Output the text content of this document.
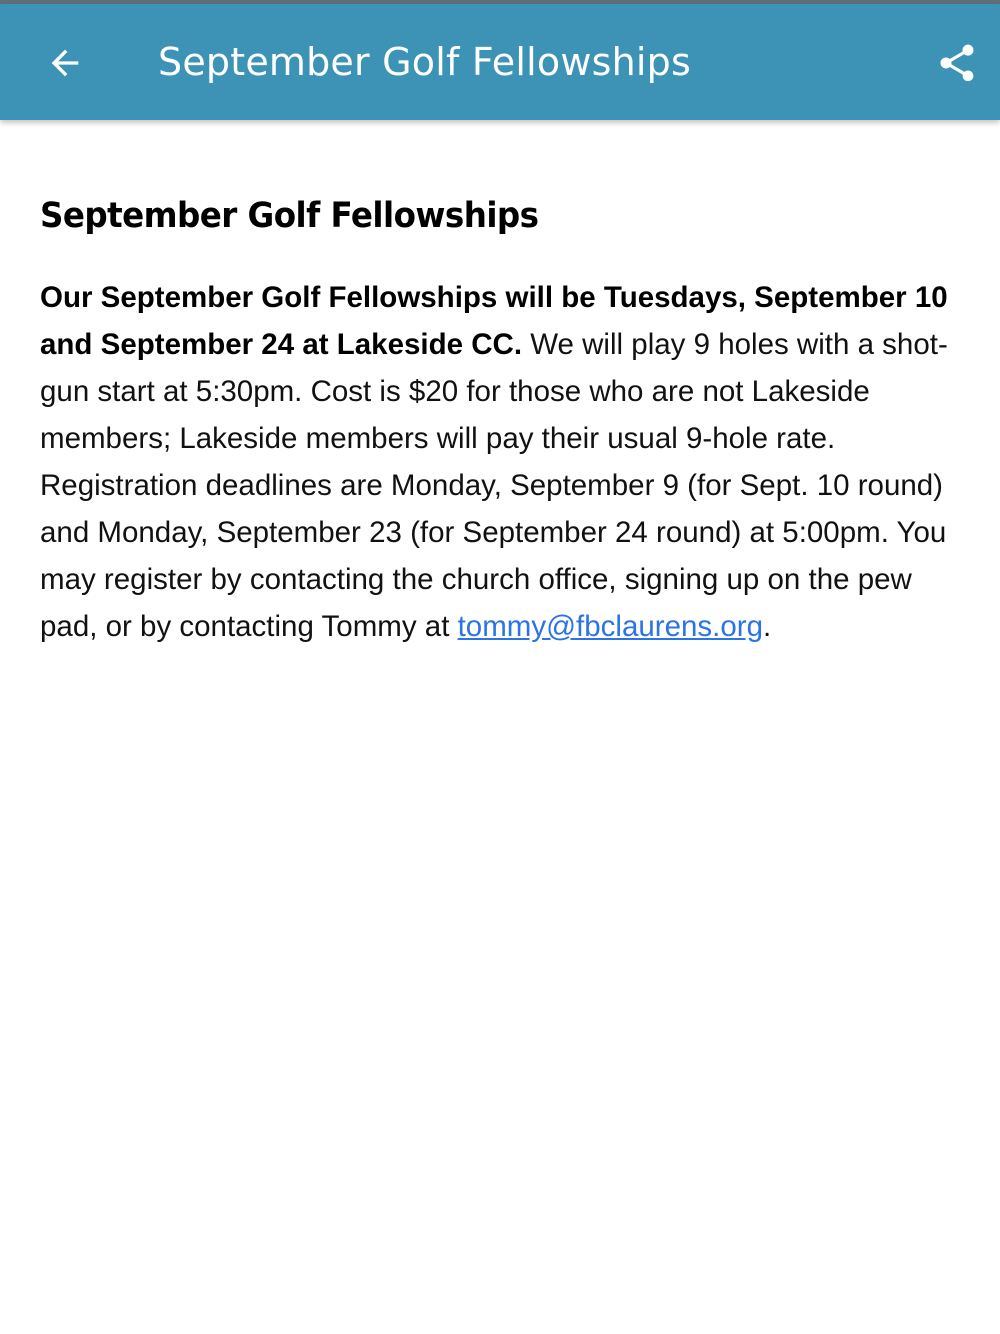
September Golf Fellowships
September Golf Fellowships

Our September Golf Fellowships will be Tuesdays, September 10 and September 24 at Lakeside CC. We will play 9 holes with a shot-gun start at 5:30pm. Cost is $20 for those who are not Lakeside members; Lakeside members will pay their usual 9-hole rate. Registration deadlines are Monday, September 9 (for Sept. 10 round) and Monday, September 23 (for September 24 round) at 5:00pm. You may register by contacting the church office, signing up on the pew pad, or by contacting Tommy at tommy@fbclaurens.org.
